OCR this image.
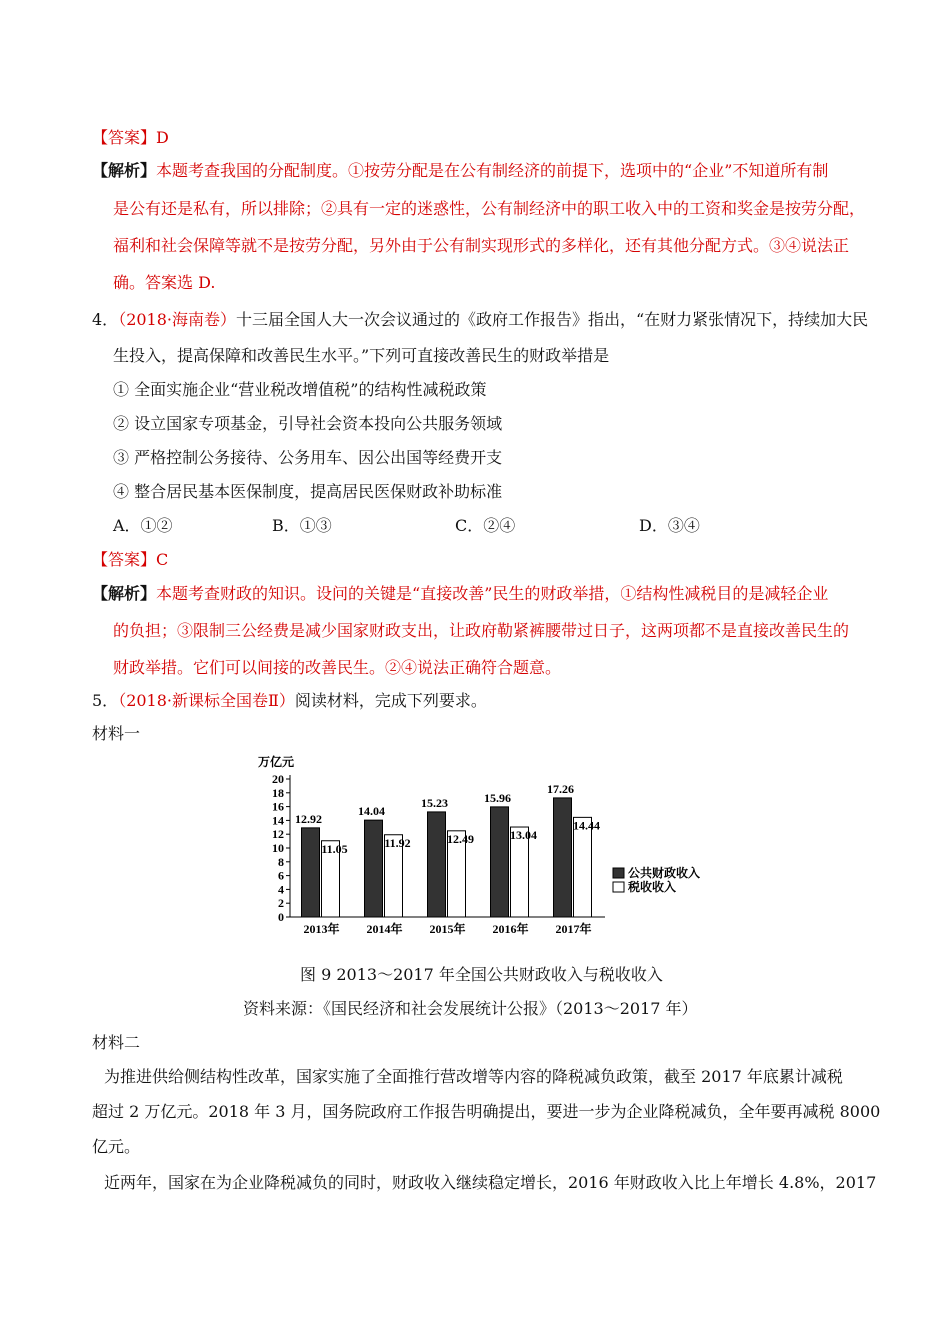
【答案】D
【解析】本题考查我国的分配制度。①按劳分配是在公有制经济的前提下，选项中的“企业”不知道所有制
是公有还是私有，所以排除；②具有一定的迷惑性，公有制经济中的职工收入中的工资和奖金是按劳分配，
福利和社会保障等就不是按劳分配，另外由于公有制实现形式的多样化，还有其他分配方式。③④说法正
确。答案选 D.
4．（2018·海南卷）十三届全国人大一次会议通过的《政府工作报告》指出，“在财力紧张情况下，持续加大民
生投入，提高保障和改善民生水平。”下列可直接改善民生的财政举措是
① 全面实施企业“营业税改增值税”的结构性减税政策
② 设立国家专项基金，引导社会资本投向公共服务领域
③ 严格控制公务接待、公务用车、因公出国等经费开支
④ 整合居民基本医保制度，提高居民医保财政补助标准
A．①②	B．①③	C．②④	D．③④
【答案】C
【解析】本题考查财政的知识。设问的关键是“直接改善”民生的财政举措，①结构性减税目的是减轻企业
的负担；③限制三公经费是减少国家财政支出，让政府勒紧裤腰带过日子，这两项都不是直接改善民生的
财政举措。它们可以间接的改善民生。②④说法正确符合题意。
5．（2018·新课标全国卷Ⅱ）阅读材料，完成下列要求。
材料一
万亿元
0
2
4
6
8
10
12
14
16
18
20
12.92
11.05
2013年
14.04
11.92
2014年
15.23
12.49
2015年
15.96
13.04
2016年
17.26
14.44
2017年
公共财政收入
税收收入
图 9 2013～2017 年全国公共财政收入与税收收入
资料来源：《国民经济和社会发展统计公报》（2013～2017 年）
材料二
为推进供给侧结构性改革，国家实施了全面推行营改增等内容的降税减负政策，截至 2017 年底累计减税
超过 2 万亿元。2018 年 3 月，国务院政府工作报告明确提出，要进一步为企业降税减负，全年要再减税 8000
亿元。
近两年，国家在为企业降税减负的同时，财政收入继续稳定增长，2016 年财政收入比上年增长 4.8%，2017
